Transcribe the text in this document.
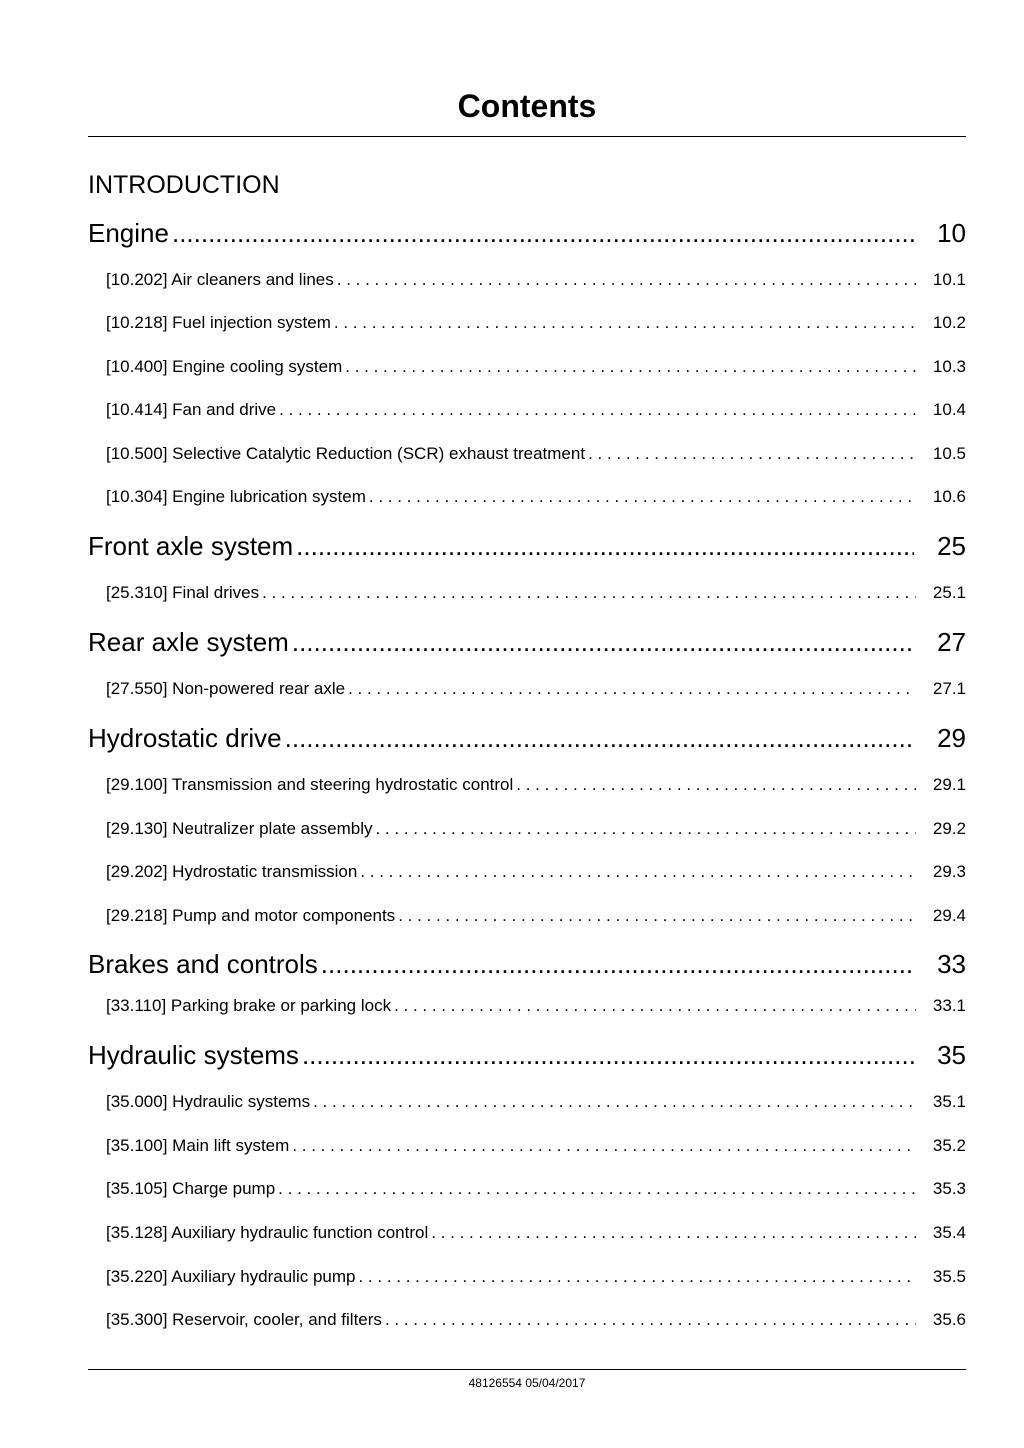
Contents
INTRODUCTION
Engine .....	10
[10.202] Air cleaners and lines . . .	10.1
[10.218] Fuel injection system . . .	10.2
[10.400] Engine cooling system . . .	10.3
[10.414] Fan and drive . . .	10.4
[10.500] Selective Catalytic Reduction (SCR) exhaust treatment . . .	10.5
[10.304] Engine lubrication system . . .	10.6
Front axle system .....	25
[25.310] Final drives . . .	25.1
Rear axle system .....	27
[27.550] Non-powered rear axle . . .	27.1
Hydrostatic drive .....	29
[29.100] Transmission and steering hydrostatic control . . .	29.1
[29.130] Neutralizer plate assembly . . .	29.2
[29.202] Hydrostatic transmission . . .	29.3
[29.218] Pump and motor components . . .	29.4
Brakes and controls .....	33
[33.110] Parking brake or parking lock . . .	33.1
Hydraulic systems .....	35
[35.000] Hydraulic systems . . .	35.1
[35.100] Main lift system . . .	35.2
[35.105] Charge pump . . .	35.3
[35.128] Auxiliary hydraulic function control . . .	35.4
[35.220] Auxiliary hydraulic pump . . .	35.5
[35.300] Reservoir, cooler, and filters . . .	35.6
48126554 05/04/2017
